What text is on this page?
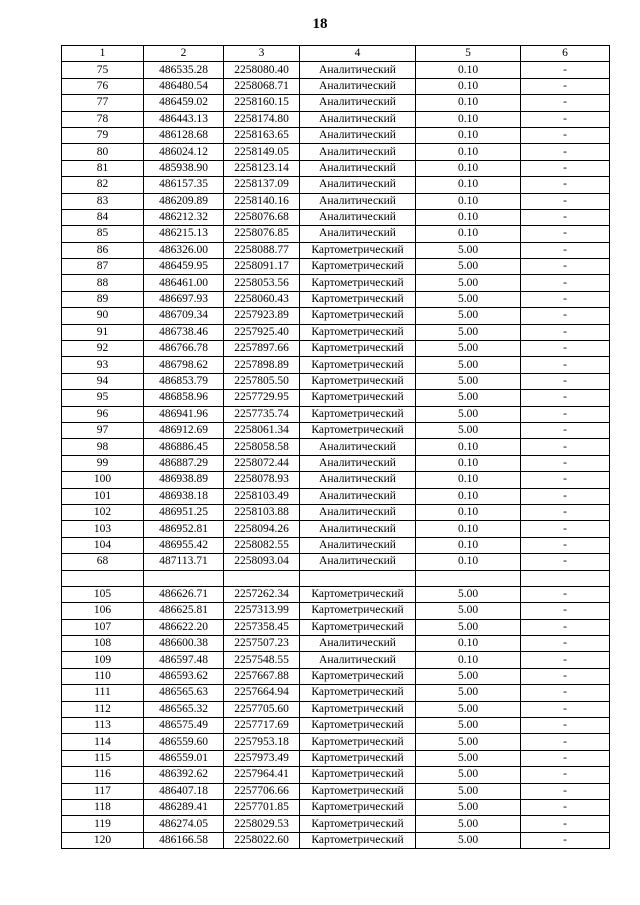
18
1	2	3	4	5	6
75	486535.28	2258080.40	Аналитический	0.10	-
76	486480.54	2258068.71	Аналитический	0.10	-
77	486459.02	2258160.15	Аналитический	0.10	-
78	486443.13	2258174.80	Аналитический	0.10	-
79	486128.68	2258163.65	Аналитический	0.10	-
80	486024.12	2258149.05	Аналитический	0.10	-
81	485938.90	2258123.14	Аналитический	0.10	-
82	486157.35	2258137.09	Аналитический	0.10	-
83	486209.89	2258140.16	Аналитический	0.10	-
84	486212.32	2258076.68	Аналитический	0.10	-
85	486215.13	2258076.85	Аналитический	0.10	-
86	486326.00	2258088.77	Картометрический	5.00	-
87	486459.95	2258091.17	Картометрический	5.00	-
88	486461.00	2258053.56	Картометрический	5.00	-
89	486697.93	2258060.43	Картометрический	5.00	-
90	486709.34	2257923.89	Картометрический	5.00	-
91	486738.46	2257925.40	Картометрический	5.00	-
92	486766.78	2257897.66	Картометрический	5.00	-
93	486798.62	2257898.89	Картометрический	5.00	-
94	486853.79	2257805.50	Картометрический	5.00	-
95	486858.96	2257729.95	Картометрический	5.00	-
96	486941.96	2257735.74	Картометрический	5.00	-
97	486912.69	2258061.34	Картометрический	5.00	-
98	486886.45	2258058.58	Аналитический	0.10	-
99	486887.29	2258072.44	Аналитический	0.10	-
100	486938.89	2258078.93	Аналитический	0.10	-
101	486938.18	2258103.49	Аналитический	0.10	-
102	486951.25	2258103.88	Аналитический	0.10	-
103	486952.81	2258094.26	Аналитический	0.10	-
104	486955.42	2258082.55	Аналитический	0.10	-
68	487113.71	2258093.04	Аналитический	0.10	-

105	486626.71	2257262.34	Картометрический	5.00	-
106	486625.81	2257313.99	Картометрический	5.00	-
107	486622.20	2257358.45	Картометрический	5.00	-
108	486600.38	2257507.23	Аналитический	0.10	-
109	486597.48	2257548.55	Аналитический	0.10	-
110	486593.62	2257667.88	Картометрический	5.00	-
111	486565.63	2257664.94	Картометрический	5.00	-
112	486565.32	2257705.60	Картометрический	5.00	-
113	486575.49	2257717.69	Картометрический	5.00	-
114	486559.60	2257953.18	Картометрический	5.00	-
115	486559.01	2257973.49	Картометрический	5.00	-
116	486392.62	2257964.41	Картометрический	5.00	-
117	486407.18	2257706.66	Картометрический	5.00	-
118	486289.41	2257701.85	Картометрический	5.00	-
119	486274.05	2258029.53	Картометрический	5.00	-
120	486166.58	2258022.60	Картометрический	5.00	-
